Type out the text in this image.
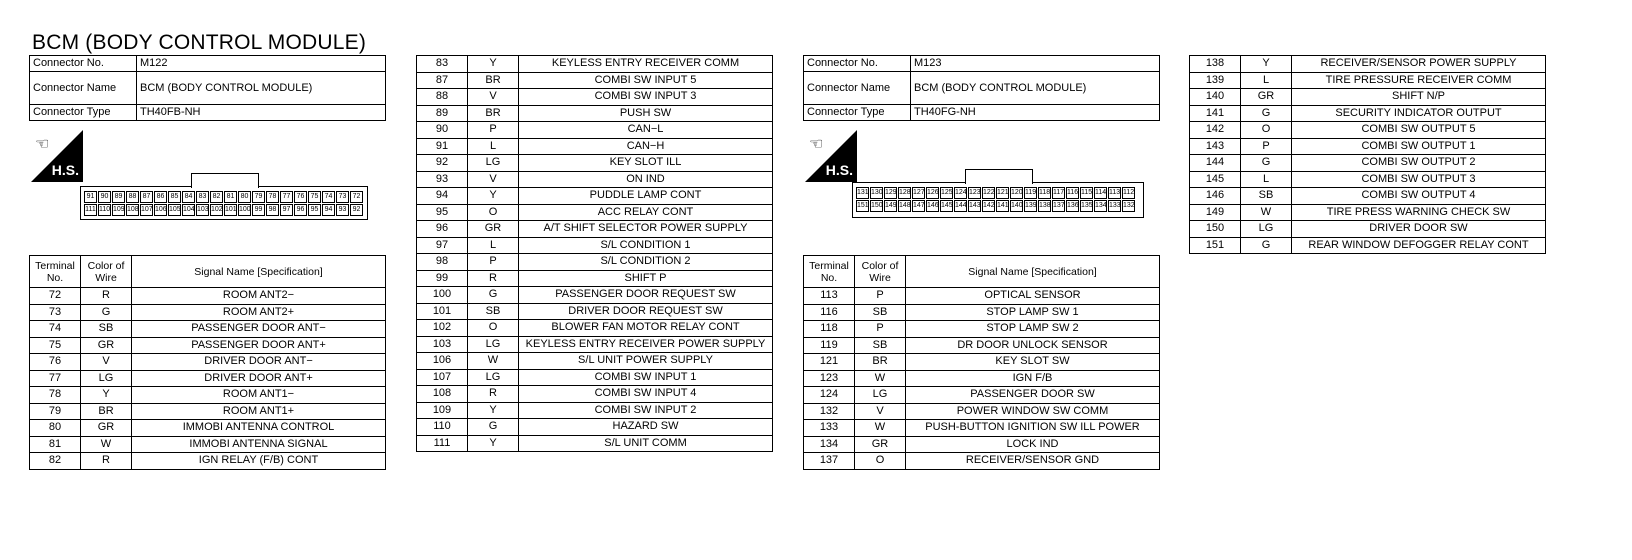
BCM (BODY CONTROL MODULE)
Connector No.	M122
Connector Name	BCM (BODY CONTROL MODULE)
Connector Type	TH40FB-NH
☜
H.S.
91 90 89 88 87 86 85 84 83 82 81 80 79 78 77 76 75 74 73 72
111 110 109 108 107 106 105 104 103 102 101 100 99 98 97 96 95 94 93 92
Terminal No.	Color of Wire	Signal Name [Specification]
72	R	ROOM ANT2−
73	G	ROOM ANT2+
74	SB	PASSENGER DOOR ANT−
75	GR	PASSENGER DOOR ANT+
76	V	DRIVER DOOR ANT−
77	LG	DRIVER DOOR ANT+
78	Y	ROOM ANT1−
79	BR	ROOM ANT1+
80	GR	IMMOBI ANTENNA CONTROL
81	W	IMMOBI ANTENNA SIGNAL
82	R	IGN RELAY (F/B) CONT
83	Y	KEYLESS ENTRY RECEIVER COMM
87	BR	COMBI SW INPUT 5
88	V	COMBI SW INPUT 3
89	BR	PUSH SW
90	P	CAN−L
91	L	CAN−H
92	LG	KEY SLOT ILL
93	V	ON IND
94	Y	PUDDLE LAMP CONT
95	O	ACC RELAY CONT
96	GR	A/T SHIFT SELECTOR POWER SUPPLY
97	L	S/L CONDITION 1
98	P	S/L CONDITION 2
99	R	SHIFT P
100	G	PASSENGER DOOR REQUEST SW
101	SB	DRIVER DOOR REQUEST SW
102	O	BLOWER FAN MOTOR RELAY CONT
103	LG	KEYLESS ENTRY RECEIVER POWER SUPPLY
106	W	S/L UNIT POWER SUPPLY
107	LG	COMBI SW INPUT 1
108	R	COMBI SW INPUT 4
109	Y	COMBI SW INPUT 2
110	G	HAZARD SW
111	Y	S/L UNIT COMM
Connector No.	M123
Connector Name	BCM (BODY CONTROL MODULE)
Connector Type	TH40FG-NH
☜
H.S.
131 130 129 128 127 126 125 124 123 122 121 120 119 118 117 116 115 114 113 112
151 150 149 148 147 146 145 144 143 142 141 140 139 138 137 136 135 134 133 132
Terminal No.	Color of Wire	Signal Name [Specification]
113	P	OPTICAL SENSOR
116	SB	STOP LAMP SW 1
118	P	STOP LAMP SW 2
119	SB	DR DOOR UNLOCK SENSOR
121	BR	KEY SLOT SW
123	W	IGN F/B
124	LG	PASSENGER DOOR SW
132	V	POWER WINDOW SW COMM
133	W	PUSH-BUTTON IGNITION SW ILL POWER
134	GR	LOCK IND
137	O	RECEIVER/SENSOR GND
138	Y	RECEIVER/SENSOR POWER SUPPLY
139	L	TIRE PRESSURE RECEIVER COMM
140	GR	SHIFT N/P
141	G	SECURITY INDICATOR OUTPUT
142	O	COMBI SW OUTPUT 5
143	P	COMBI SW OUTPUT 1
144	G	COMBI SW OUTPUT 2
145	L	COMBI SW OUTPUT 3
146	SB	COMBI SW OUTPUT 4
149	W	TIRE PRESS WARNING CHECK SW
150	LG	DRIVER DOOR SW
151	G	REAR WINDOW DEFOGGER RELAY CONT
